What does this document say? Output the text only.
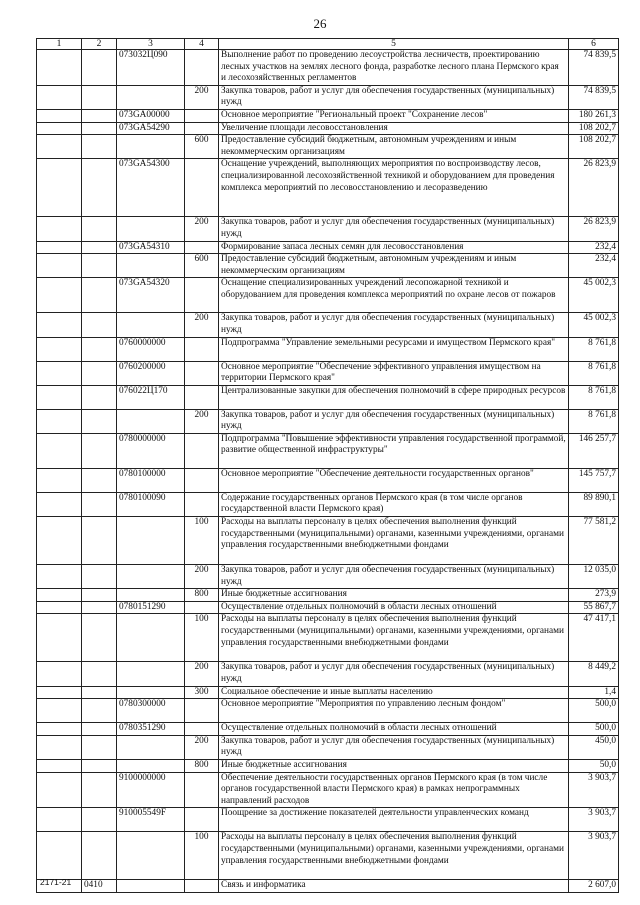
26
1	2	3	4	5	6
		073032Ц090		Выполнение работ по проведению лесоустройства лесничеств, проектированию лесных участков на землях лесного фонда, разработке лесного плана Пермского края и лесохозяйственных регламентов	74 839,5
			200	Закупка товаров, работ и услуг для обеспечения государственных (муниципальных) нужд	74 839,5
		073GA00000		Основное мероприятие "Региональный проект "Сохранение лесов"	180 261,3
		073GA54290		Увеличение площади лесовосстановления	108 202,7
			600	Предоставление субсидий бюджетным, автономным учреждениям и иным некоммерческим организациям	108 202,7
		073GA54300		Оснащение учреждений, выполняющих мероприятия по воспроизводству лесов, специализированной лесохозяйственной техникой и оборудованием для проведения комплекса мероприятий по лесовосстановлению и лесоразведению	26 823,9
			200	Закупка товаров, работ и услуг для обеспечения государственных (муниципальных) нужд	26 823,9
		073GA54310		Формирование запаса лесных семян для лесовосстановления	232,4
			600	Предоставление субсидий бюджетным, автономным учреждениям и иным некоммерческим организациям	232,4
		073GA54320		Оснащение специализированных учреждений лесопожарной техникой и оборудованием для проведения комплекса мероприятий по охране лесов от пожаров	45 002,3
			200	Закупка товаров, работ и услуг для обеспечения государственных (муниципальных) нужд	45 002,3
		0760000000		Подпрограмма "Управление земельными ресурсами и имуществом Пермского края"	8 761,8
		0760200000		Основное мероприятие "Обеспечение эффективного управления имуществом на территории Пермского края"	8 761,8
		076022Ц170		Централизованные закупки для обеспечения полномочий в сфере природных ресурсов	8 761,8
			200	Закупка товаров, работ и услуг для обеспечения государственных (муниципальных) нужд	8 761,8
		0780000000		Подпрограмма "Повышение эффективности управления государственной программой, развитие общественной инфраструктуры"	146 257,7
		0780100000		Основное мероприятие "Обеспечение деятельности государственных органов"	145 757,7
		0780100090		Содержание государственных органов Пермского края (в том числе органов государственной власти Пермского края)	89 890,1
			100	Расходы на выплаты персоналу в целях обеспечения выполнения функций государственными (муниципальными) органами, казенными учреждениями, органами управления государственными внебюджетными фондами	77 581,2
			200	Закупка товаров, работ и услуг для обеспечения государственных (муниципальных) нужд	12 035,0
			800	Иные бюджетные ассигнования	273,9
		0780151290		Осуществление отдельных полномочий в области лесных отношений	55 867,7
			100	Расходы на выплаты персоналу в целях обеспечения выполнения функций государственными (муниципальными) органами, казенными учреждениями, органами управления государственными внебюджетными фондами	47 417,1
			200	Закупка товаров, работ и услуг для обеспечения государственных (муниципальных) нужд	8 449,2
			300	Социальное обеспечение и иные выплаты населению	1,4
		0780300000		Основное мероприятие "Мероприятия по управлению лесным фондом"	500,0
		0780351290		Осуществление отдельных полномочий в области лесных отношений	500,0
			200	Закупка товаров, работ и услуг для обеспечения государственных (муниципальных) нужд	450,0
			800	Иные бюджетные ассигнования	50,0
		9100000000		Обеспечение деятельности государственных органов Пермского края (в том числе органов государственной власти Пермского края) в рамках непрограммных направлений расходов	3 903,7
		910005549F		Поощрение за достижение показателей деятельности управленческих команд	3 903,7
			100	Расходы на выплаты персоналу в целях обеспечения выполнения функций государственными (муниципальными) органами, казенными учреждениями, органами управления государственными внебюджетными фондами	3 903,7
	0410			Связь и информатика	2 607,0
2171-21
